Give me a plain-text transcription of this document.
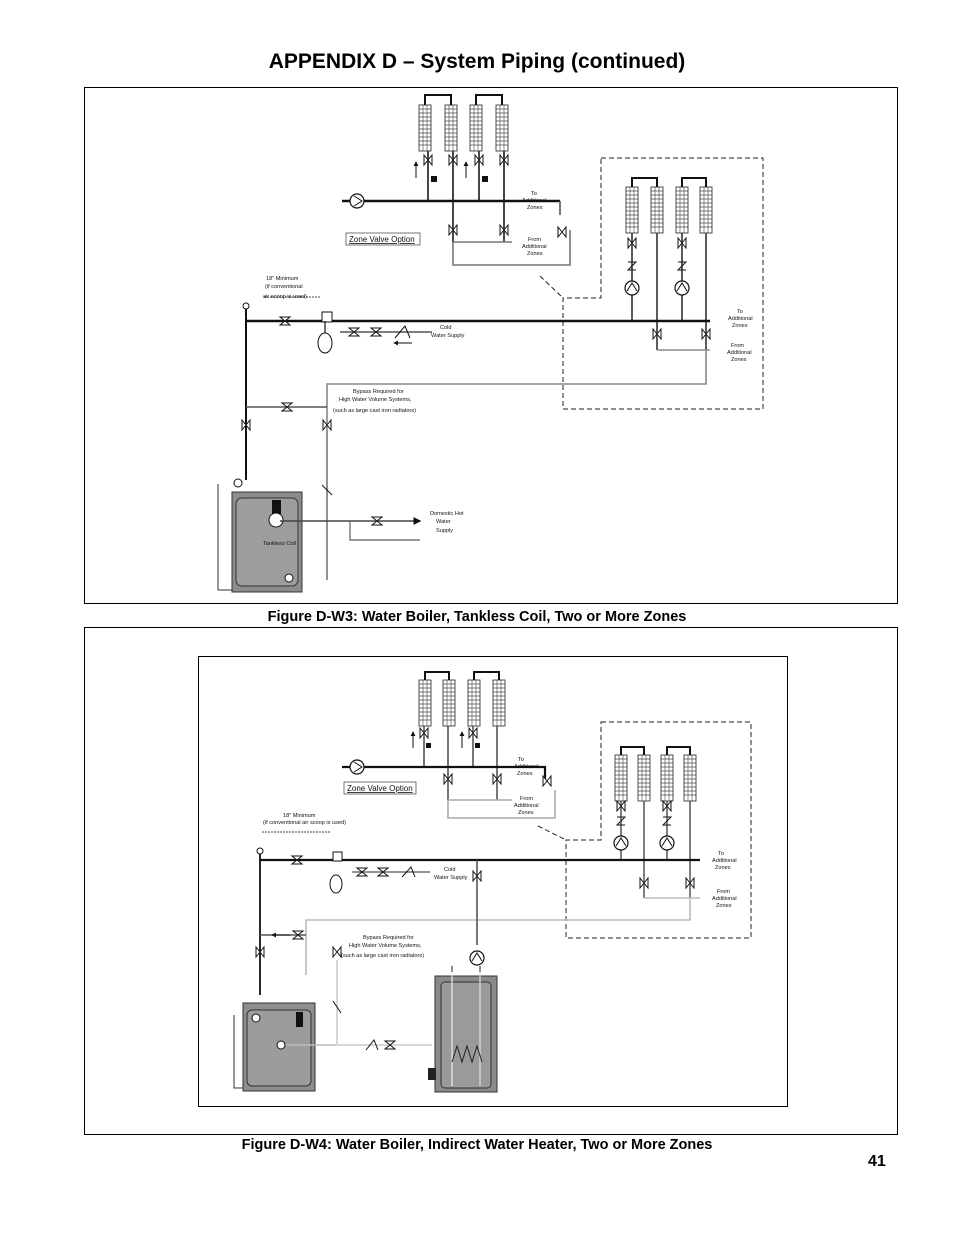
APPENDIX D – System Piping (continued)
To
Additional
Zones
From
Additional
Zones
Zone Valve Option
To
Additional
Zones
From
Additional
Zones
18" Minimum
(if conventional
air scoop is used)
Cold
Water Supply
Bypass Required for
High Water Volume Systems,
(such as large cast iron radiators)
Tankless Coil
Domestic Hot
Water
Supply
Figure D-W3: Water Boiler, Tankless Coil, Two or More Zones
To
Additional
Zones
From
Additional
Zones
Zone Valve Option
To
Additional
Zones
From
Additional
Zones
18" Minimum
(if conventional air scoop is used)
Cold
Water Supply
Bypass Required for
High Water Volume Systems,
(such as large cast iron radiators)
Figure D-W4: Water Boiler, Indirect Water Heater, Two or More Zones
41
